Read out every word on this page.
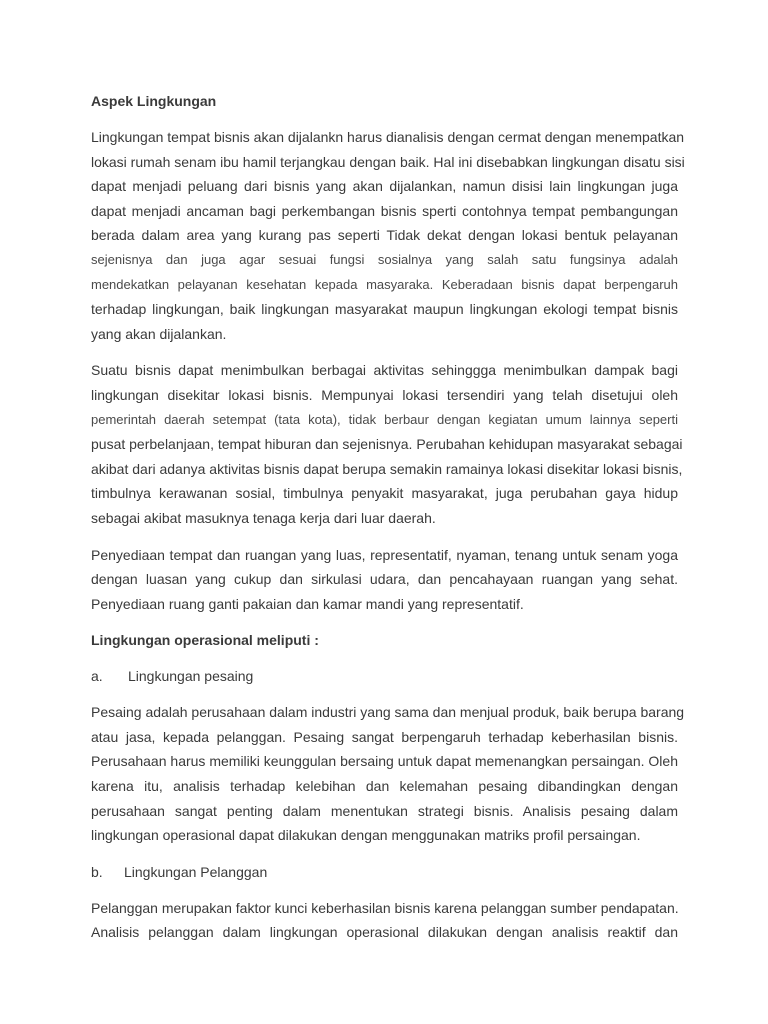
Aspek Lingkungan
Lingkungan tempat bisnis akan dijalankn harus dianalisis dengan cermat dengan menempatkan
lokasi rumah senam ibu hamil terjangkau dengan baik. Hal ini disebabkan lingkungan disatu sisi
dapat menjadi peluang dari bisnis yang akan dijalankan, namun disisi lain lingkungan juga
dapat menjadi ancaman bagi perkembangan bisnis sperti contohnya tempat pembangungan
berada dalam area yang kurang pas seperti Tidak dekat dengan lokasi bentuk pelayanan
sejenisnya dan juga agar sesuai fungsi sosialnya yang salah satu fungsinya adalah
mendekatkan pelayanan kesehatan kepada masyaraka. Keberadaan bisnis dapat berpengaruh
terhadap lingkungan, baik lingkungan masyarakat maupun lingkungan ekologi tempat bisnis
yang akan dijalankan.
Suatu bisnis dapat menimbulkan berbagai aktivitas sehinggga menimbulkan dampak bagi
lingkungan disekitar lokasi bisnis. Mempunyai lokasi tersendiri yang telah disetujui oleh
pemerintah daerah setempat (tata kota), tidak berbaur dengan kegiatan umum lainnya seperti
pusat perbelanjaan, tempat hiburan dan sejenisnya. Perubahan kehidupan masyarakat sebagai
akibat dari adanya aktivitas bisnis dapat berupa semakin ramainya lokasi disekitar lokasi bisnis,
timbulnya kerawanan sosial, timbulnya penyakit masyarakat, juga perubahan gaya hidup
sebagai akibat masuknya tenaga kerja dari luar daerah.
Penyediaan tempat dan ruangan yang luas, representatif, nyaman, tenang untuk senam yoga
dengan luasan yang cukup dan sirkulasi udara, dan pencahayaan ruangan yang sehat.
Penyediaan ruang ganti pakaian dan kamar mandi yang representatif.
Lingkungan operasional meliputi :
a. Lingkungan pesaing
Pesaing adalah perusahaan dalam industri yang sama dan menjual produk, baik berupa barang
atau jasa, kepada pelanggan. Pesaing sangat berpengaruh terhadap keberhasilan bisnis.
Perusahaan harus memiliki keunggulan bersaing untuk dapat memenangkan persaingan. Oleh
karena itu, analisis terhadap kelebihan dan kelemahan pesaing dibandingkan dengan
perusahaan sangat penting dalam menentukan strategi bisnis. Analisis pesaing dalam
lingkungan operasional dapat dilakukan dengan menggunakan matriks profil persaingan.
b. Lingkungan Pelanggan
Pelanggan merupakan faktor kunci keberhasilan bisnis karena pelanggan sumber pendapatan.
Analisis pelanggan dalam lingkungan operasional dilakukan dengan analisis reaktif dan
